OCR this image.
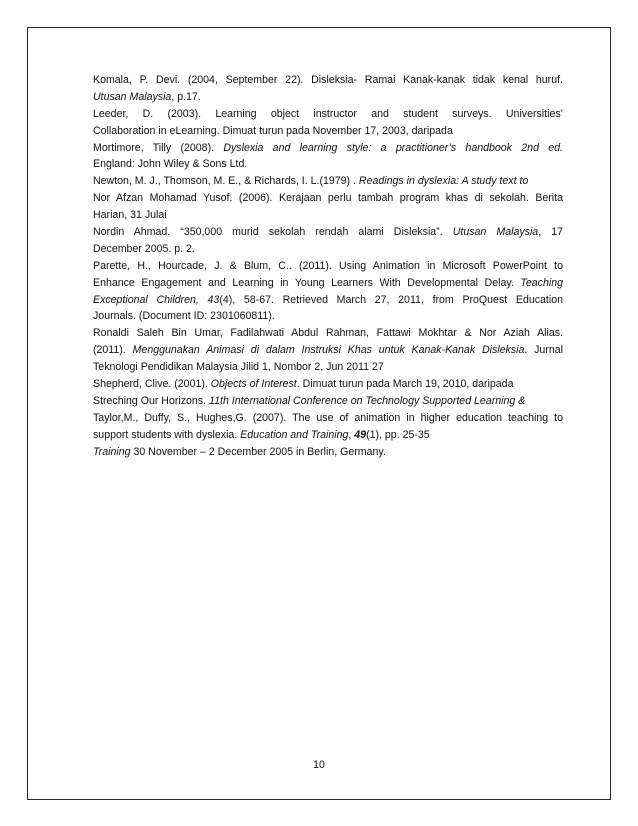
Komala, P. Devi. (2004, September 22). Disleksia- Ramai Kanak-kanak tidak kenal huruf.
Utusan Malaysia, p.17.
Leeder, D. (2003). Learning object instructor and student surveys. Universities’
Collaboration in eLearning. Dimuat turun pada November 17, 2003, daripada
Mortimore, Tilly (2008). Dyslexia and learning style: a practitioner’s handbook 2nd ed.
England: John Wiley & Sons Ltd.
Newton, M. J., Thomson, M. E., & Richards, I. L.(1979) . Readings in dyslexia: A study text to
Nor Afzan Mohamad Yusof. (2006). Kerajaan perlu tambah program khas di sekolah. Berita
Harian, 31 Julai
Nordin Ahmad. “350,000 murid sekolah rendah alami Disleksia”. Utusan Malaysia, 17
December 2005. p. 2.
Parette, H., Hourcade, J. & Blum, C.. (2011). Using Animation in Microsoft PowerPoint to
Enhance Engagement and Learning in Young Learners With Developmental Delay. Teaching
Exceptional Children, 43(4), 58-67. Retrieved March 27, 2011, from ProQuest Education
Journals. (Document ID: 2301060811).
Ronaldi Saleh Bin Umar, Fadilahwati Abdul Rahman, Fattawi Mokhtar & Nor Aziah Alias.
(2011). Menggunakan Animasi di dalam Instruksi Khas untuk Kanak-Kanak Disleksia. Jurnal
Teknologi Pendidikan Malaysia Jilid 1, Nombor 2, Jun 2011 27
Shepherd, Clive. (2001). Objects of Interest. Dimuat turun pada March 19, 2010, daripada
Streching Our Horizons. 11th International Conference on Technology Supported Learning &
Taylor,M., Duffy, S., Hughes,G. (2007). The use of animation in higher education teaching to
support students with dyslexia. Education and Training, 49(1), pp. 25-35
Training 30 November – 2 December 2005 in Berlin, Germany.
10
